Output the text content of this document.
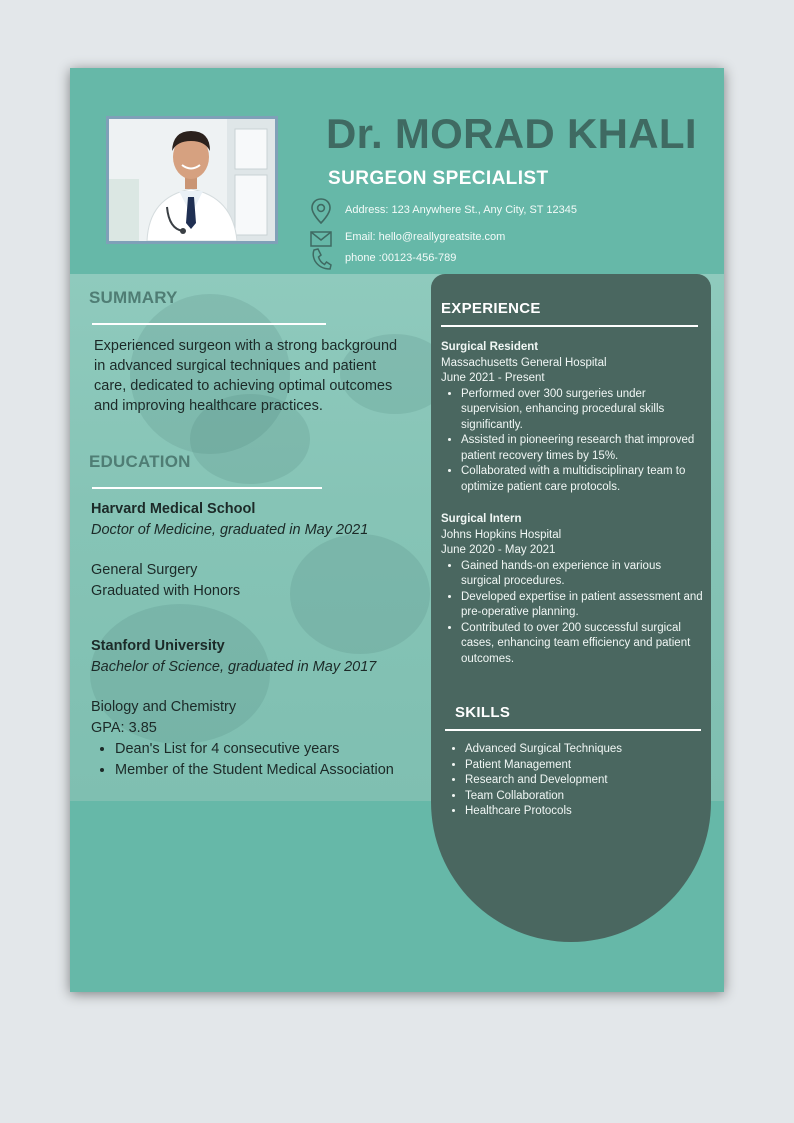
Dr. MORAD KHALI
SURGEON SPECIALIST
Address: 123 Anywhere St., Any City, ST 12345
Email: hello@reallygreatsite.com
phone :00123-456-789
SUMMARY
Experienced surgeon with a strong background in advanced surgical techniques and patient care, dedicated to achieving optimal outcomes and improving healthcare practices.
EDUCATION
Harvard Medical School
Doctor of Medicine, graduated in May 2021
General Surgery
Graduated with Honors
Stanford University
Bachelor of Science, graduated in May 2017
Biology and Chemistry
GPA: 3.85
• Dean's List for 4 consecutive years
• Member of the Student Medical Association
EXPERIENCE
Surgical Resident
Massachusetts General Hospital
June 2021 - Present
• Performed over 300 surgeries under supervision, enhancing procedural skills significantly.
• Assisted in pioneering research that improved patient recovery times by 15%.
• Collaborated with a multidisciplinary team to optimize patient care protocols.
Surgical Intern
Johns Hopkins Hospital
June 2020 - May 2021
• Gained hands-on experience in various surgical procedures.
• Developed expertise in patient assessment and pre-operative planning.
• Contributed to over 200 successful surgical cases, enhancing team efficiency and patient outcomes.
SKILLS
• Advanced Surgical Techniques
• Patient Management
• Research and Development
• Team Collaboration
• Healthcare Protocols
